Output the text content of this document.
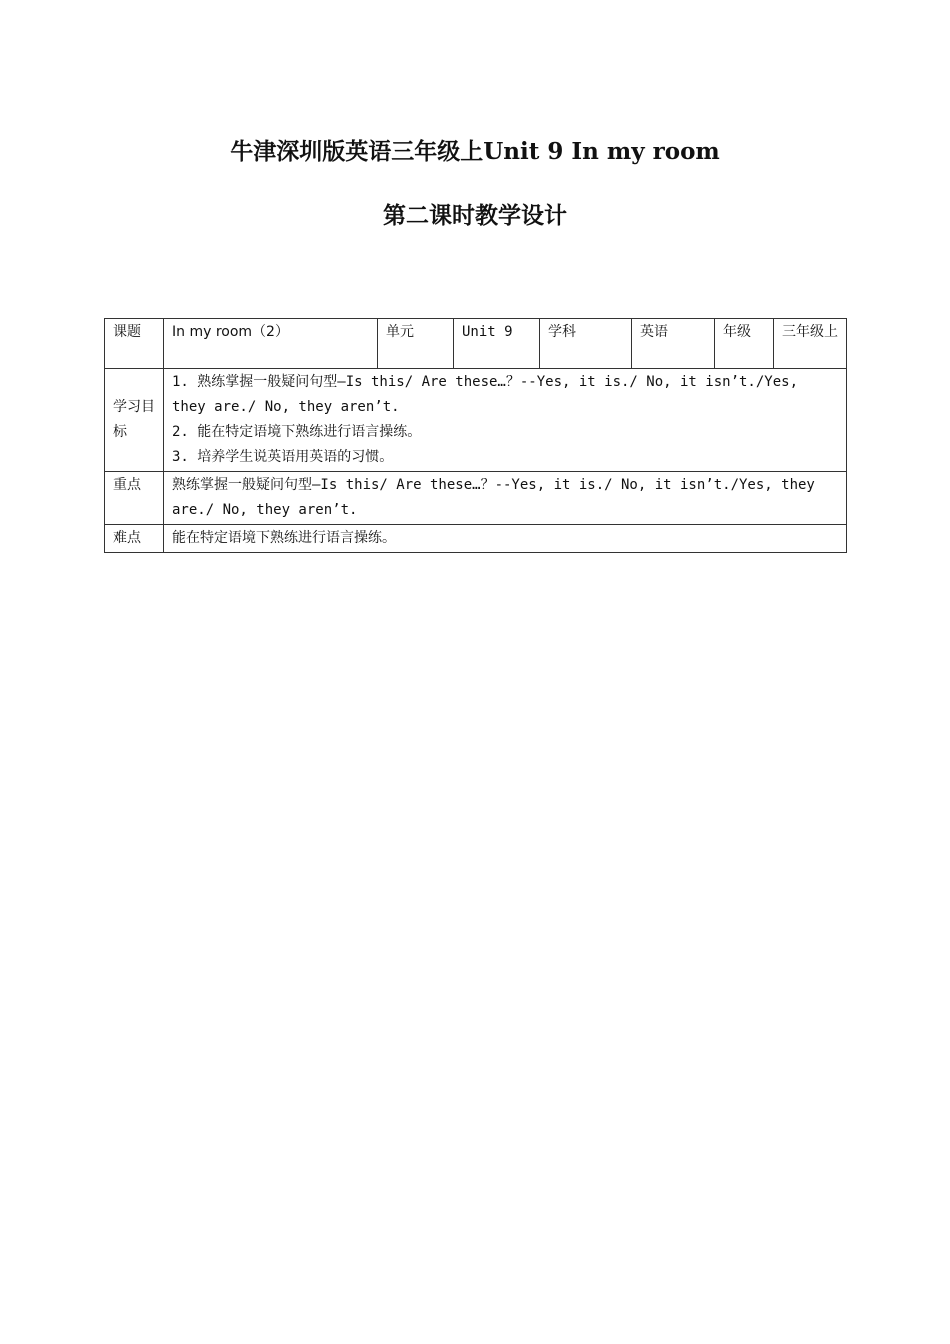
牛津深圳版英语三年级上Unit 9 In my room
第二课时教学设计
课题	In my room（2）	单元	Unit 9	学科	英语	年级	三年级上
学习目标	1. 熟练掌握一般疑问句型—Is this/ Are these…？--Yes, it is./ No, it isn’t./Yes, they are./ No, they aren’t.
2. 能在特定语境下熟练进行语言操练。
3. 培养学生说英语用英语的习惯。						

重点	熟练掌握一般疑问句型—Is this/ Are these…？--Yes, it is./ No, it isn’t./Yes, they are./ No, they aren’t.						
难点	能在特定语境下熟练进行语言操练。						
